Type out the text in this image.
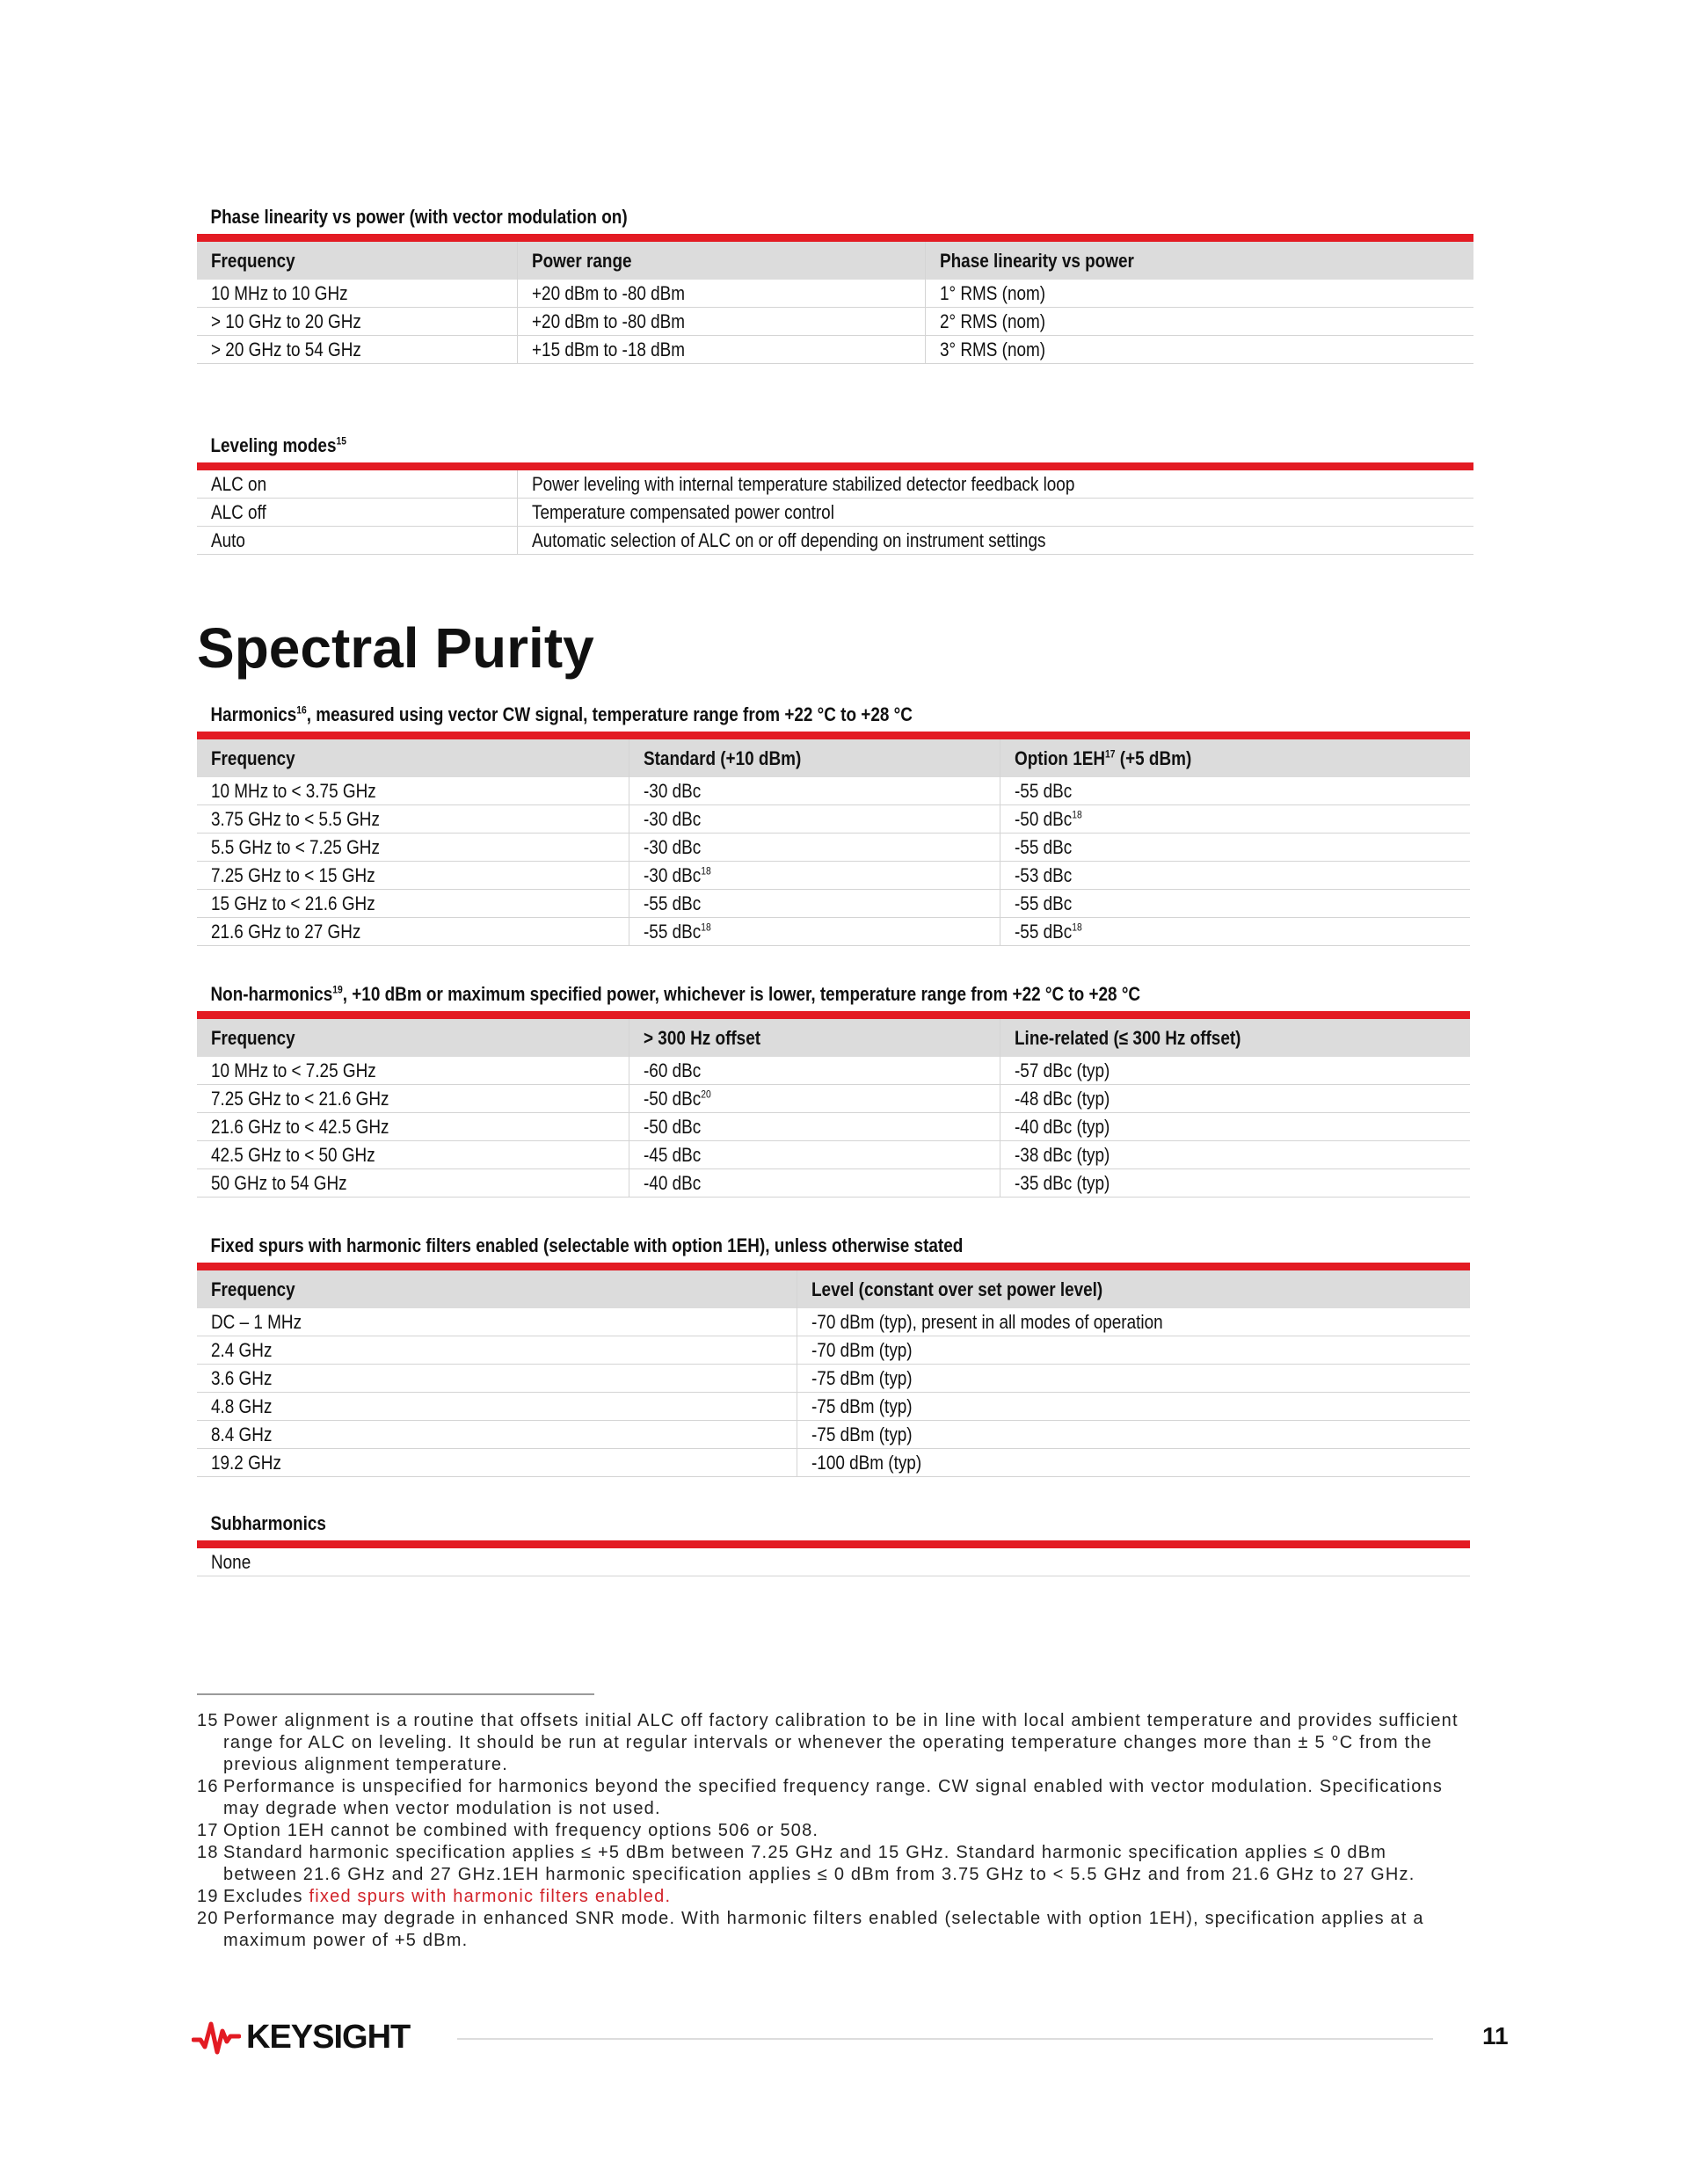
Phase linearity vs power (with vector modulation on)
Frequency	Power range	Phase linearity vs power
10 MHz to 10 GHz	+20 dBm to -80 dBm	1° RMS (nom)
> 10 GHz to 20 GHz	+20 dBm to -80 dBm	2° RMS (nom)
> 20 GHz to 54 GHz	+15 dBm to -18 dBm	3° RMS (nom)
Leveling modes$^{15}$
ALC on	Power leveling with internal temperature stabilized detector feedback loop
ALC off	Temperature compensated power control
Auto	Automatic selection of ALC on or off depending on instrument settings
Spectral Purity
Harmonics$^{16}$, measured using vector CW signal, temperature range from +22 °C to +28 °C
Frequency	Standard (+10 dBm)	Option 1EH$^{17}$ (+5 dBm)
10 MHz to < 3.75 GHz	-30 dBc	-55 dBc
3.75 GHz to < 5.5 GHz	-30 dBc	-50 dBc$^{18}$
5.5 GHz to < 7.25 GHz	-30 dBc	-55 dBc
7.25 GHz to < 15 GHz	-30 dBc$^{18}$	-53 dBc
15 GHz to < 21.6 GHz	-55 dBc	-55 dBc
21.6 GHz to 27 GHz	-55 dBc$^{18}$	-55 dBc$^{18}$
Non-harmonics$^{19}$, +10 dBm or maximum specified power, whichever is lower, temperature range from +22 °C to +28 °C
Frequency	> 300 Hz offset	Line-related (≤ 300 Hz offset)
10 MHz to < 7.25 GHz	-60 dBc	-57 dBc (typ)
7.25 GHz to < 21.6 GHz	-50 dBc$^{20}$	-48 dBc (typ)
21.6 GHz to < 42.5 GHz	-50 dBc	-40 dBc (typ)
42.5 GHz to < 50 GHz	-45 dBc	-38 dBc (typ)
50 GHz to 54 GHz	-40 dBc	-35 dBc (typ)
Fixed spurs with harmonic filters enabled (selectable with option 1EH), unless otherwise stated
Frequency	Level (constant over set power level)
DC – 1 MHz	-70 dBm (typ), present in all modes of operation
2.4 GHz	-70 dBm (typ)
3.6 GHz	-75 dBm (typ)
4.8 GHz	-75 dBm (typ)
8.4 GHz	-75 dBm (typ)
19.2 GHz	-100 dBm (typ)
Subharmonics
None
15 Power alignment is a routine that offsets initial ALC off factory calibration to be in line with local ambient temperature and provides sufficient range for ALC on leveling. It should be run at regular intervals or whenever the operating temperature changes more than ± 5 °C from the previous alignment temperature.
16 Performance is unspecified for harmonics beyond the specified frequency range. CW signal enabled with vector modulation. Specifications may degrade when vector modulation is not used.
17 Option 1EH cannot be combined with frequency options 506 or 508.
18 Standard harmonic specification applies ≤ +5 dBm between 7.25 GHz and 15 GHz. Standard harmonic specification applies ≤ 0 dBm between 21.6 GHz and 27 GHz.1EH harmonic specification applies ≤ 0 dBm from 3.75 GHz to < 5.5 GHz and from 21.6 GHz to 27 GHz.
19 Excludes fixed spurs with harmonic filters enabled.
20 Performance may degrade in enhanced SNR mode. With harmonic filters enabled (selectable with option 1EH), specification applies at a maximum power of +5 dBm.
KEYSIGHT	11
